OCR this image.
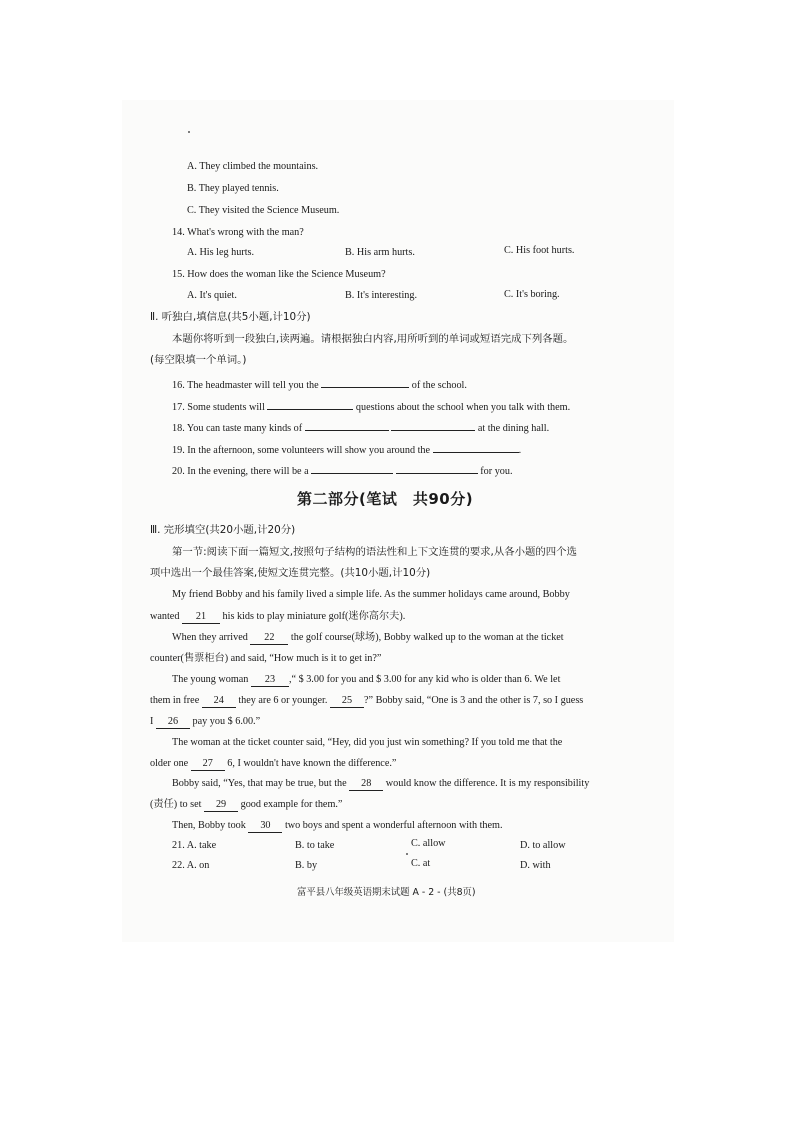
A. They climbed the mountains.
B. They played tennis.
C. They visited the Science Museum.
14. What's wrong with the man?
A. His leg hurts.	B. His arm hurts.	C. His foot hurts.
15. How does the woman like the Science Museum?
A. It's quiet.	B. It's interesting.	C. It's boring.
Ⅱ. 听独白,填信息(共5小题,计10分)
本题你将听到一段独白,读两遍。请根据独白内容,用所听到的单词或短语完成下列各题。
(每空限填一个单词。)
16. The headmaster will tell you the	of the school.
17. Some students will	questions about the school when you talk with them.
18. You can taste many kinds of	at the dining hall.
19. In the afternoon, some volunteers will show you around the	.
20. In the evening, there will be a	for you.
第二部分(笔试　共90分)
Ⅲ. 完形填空(共20小题,计20分)
第一节:阅读下面一篇短文,按照句子结构的语法性和上下文连贯的要求,从各小题的四个选
项中选出一个最佳答案,使短文连贯完整。(共10小题,计10分)
My friend Bobby and his family lived a simple life. As the summer holidays came around, Bobby
wanted 21 his kids to play miniature golf(迷你高尔夫).
When they arrived 22 the golf course(球场), Bobby walked up to the woman at the ticket
counter(售票柜台) and said, “How much is it to get in?”
The young woman 23 ,“ $ 3.00 for you and $ 3.00 for any kid who is older than 6. We let
them in free 24 they are 6 or younger. 25 ?” Bobby said, “One is 3 and the other is 7, so I guess
I 26 pay you $ 6.00.”
The woman at the ticket counter said, “Hey, did you just win something? If you told me that the
older one 27 6, I wouldn't have known the difference.”
Bobby said, “Yes, that may be true, but the 28 would know the difference. It is my responsibility
(责任) to set 29 good example for them.”
Then, Bobby took 30 two boys and spent a wonderful afternoon with them.
21. A. take	B. to take	C. allow	D. to allow
22. A. on	B. by	C. at	D. with
富平县八年级英语期末试题 A - 2 - (共8页)
